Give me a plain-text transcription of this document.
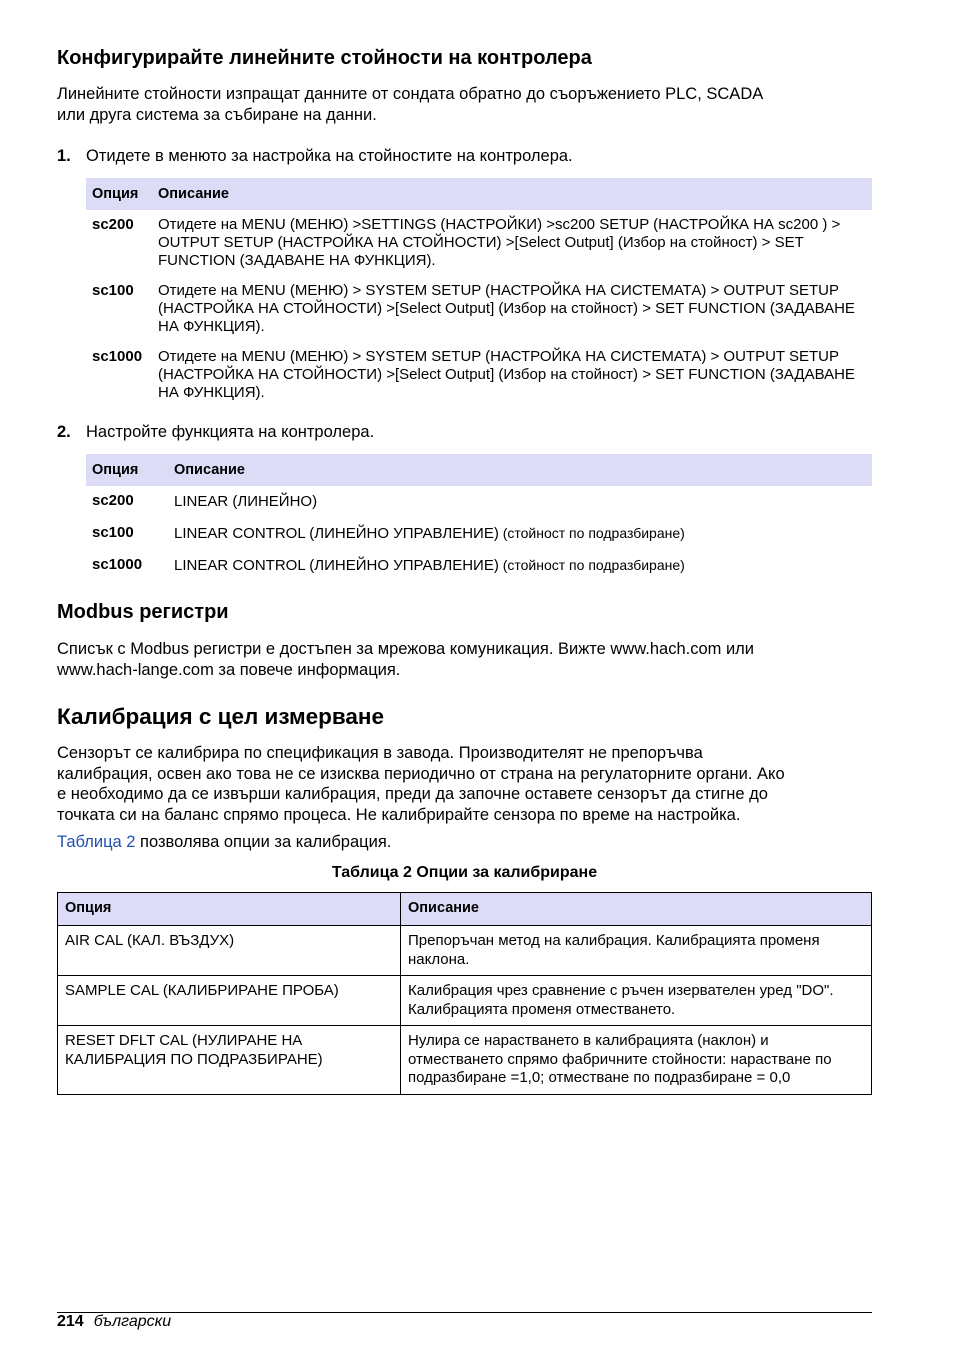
Конфигурирайте линейните стойности на контролера

Линейните стойности изпращат данните от сондата обратно до съоръжението PLC, SCADA
или друга система за събиране на данни.

1. Отидете в менюто за настройка на стойностите на контролера.
Опция	Описание
sc200	Отидете на MENU (МЕНЮ) >SETTINGS (НАСТРОЙКИ) >sc200 SETUP (НАСТРОЙКА НА sc200 ) > OUTPUT SETUP (НАСТРОЙКА НА СТОЙНОСТИ) >[Select Output] (Избор на стойност) > SET FUNCTION (ЗАДАВАНЕ НА ФУНКЦИЯ).
sc100	Отидете на MENU (МЕНЮ) > SYSTEM SETUP (НАСТРОЙКА НА СИСТЕМАТА) > OUTPUT SETUP (НАСТРОЙКА НА СТОЙНОСТИ) >[Select Output] (Избор на стойност) > SET FUNCTION (ЗАДАВАНЕ НА ФУНКЦИЯ).
sc1000	Отидете на MENU (МЕНЮ) > SYSTEM SETUP (НАСТРОЙКА НА СИСТЕМАТА) > OUTPUT SETUP (НАСТРОЙКА НА СТОЙНОСТИ) >[Select Output] (Избор на стойност) > SET FUNCTION (ЗАДАВАНЕ НА ФУНКЦИЯ).
2. Настройте функцията на контролера.
Опция	Описание
sc200	LINEAR (ЛИНЕЙНО)
sc100	LINEAR CONTROL (ЛИНЕЙНО УПРАВЛЕНИЕ) (стойност по подразбиране)
sc1000	LINEAR CONTROL (ЛИНЕЙНО УПРАВЛЕНИЕ) (стойност по подразбиране)
Modbus регистри

Списък с Modbus регистри е достъпен за мрежова комуникация. Вижте www.hach.com или
www.hach-lange.com за повече информация.

Калибрация с цел измерване

Сензорът се калибрира по спецификация в завода. Производителят не препоръчва
калибрация, освен ако това не се изисква периодично от страна на регулаторните органи. Ако
е необходимо да се извърши калибрация, преди да започне оставете сензорът да стигне до
точката си на баланс спрямо процеса. Не калибрирайте сензора по време на настройка.

Таблица 2 позволява опции за калибрация.

Таблица 2 Опции за калибриране
Опция	Описание
AIR CAL (КАЛ. ВЪЗДУХ)	Препоръчан метод на калибрация. Калибрацията променя наклона.
SAMPLE CAL (КАЛИБРИРАНЕ ПРОБА)	Калибрация чрез сравнение с ръчен изервателен уред "DO". Калибрацията променя отместването.
RESET DFLT CAL (НУЛИРАНЕ НА КАЛИБРАЦИЯ ПО ПОДРАЗБИРАНЕ)	Нулира се нарастването в калибрацията (наклон) и отместването спрямо фабричните стойности: нарастване по подразбиране =1,0; отместване по подразбиране = 0,0
214 български
